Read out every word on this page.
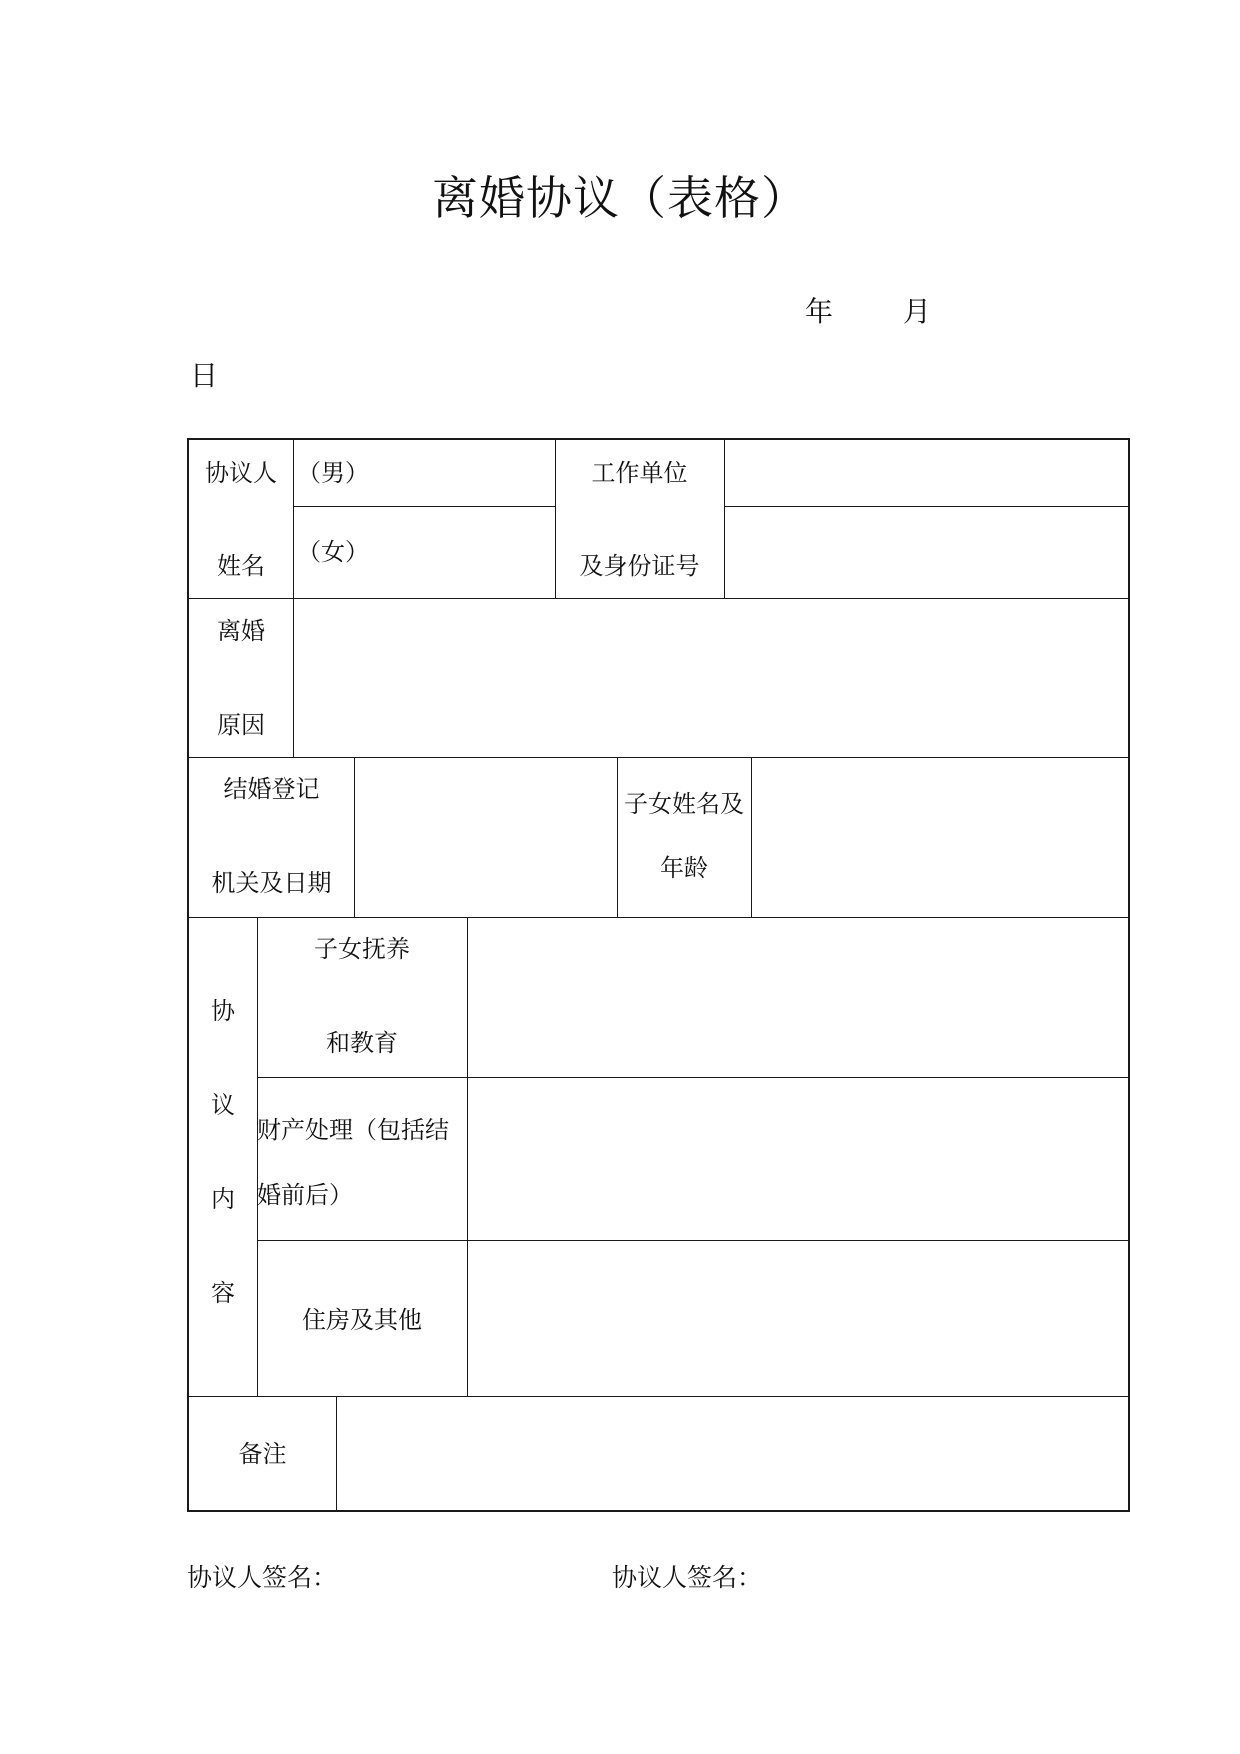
离婚协议（表格）
年 月
日
协议人
姓名
（男）
（女）
工作单位
及身份证号
离婚
原因
结婚登记
机关及日期
子女姓名及
年龄
协
议
内
容
子女抚养
和教育
财产处理（包括结
婚前后）
住房及其他
备注
协议人签名：	协议人签名：
